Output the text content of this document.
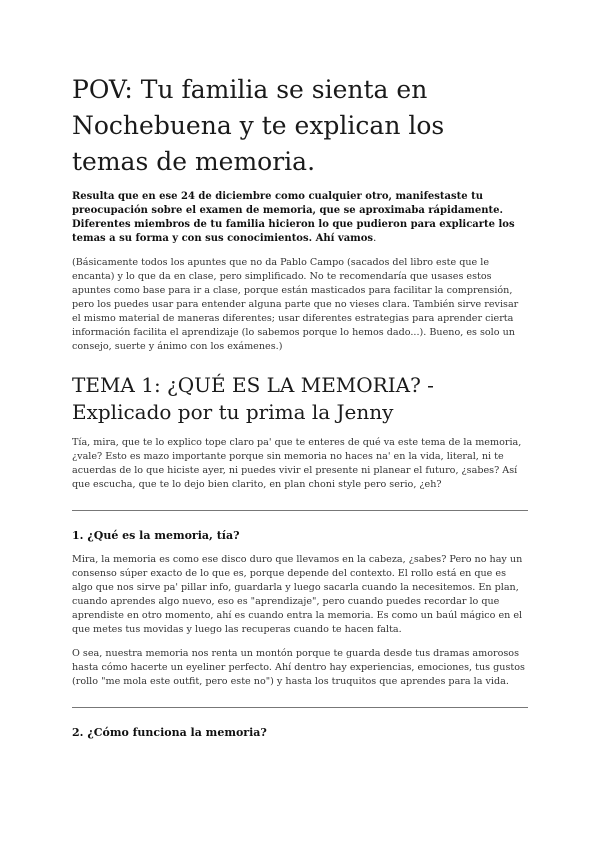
POV: Tu familia se sienta en Nochebuena y te explican los temas de memoria.

Resulta que en ese 24 de diciembre como cualquier otro, manifestaste tu preocupación sobre el examen de memoria, que se aproximaba rápidamente. Diferentes miembros de tu familia hicieron lo que pudieron para explicarte los temas a su forma y con sus conocimientos. Ahí vamos.

(Básicamente todos los apuntes que no da Pablo Campo (sacados del libro este que le encanta) y lo que da en clase, pero simplificado. No te recomendaría que usases estos apuntes como base para ir a clase, porque están masticados para facilitar la comprensión, pero los puedes usar para entender alguna parte que no vieses clara. También sirve revisar el mismo material de maneras diferentes; usar diferentes estrategias para aprender cierta información facilita el aprendizaje (lo sabemos porque lo hemos dado...). Bueno, es solo un consejo, suerte y ánimo con los exámenes.)

TEMA 1: ¿QUÉ ES LA MEMORIA? - Explicado por tu prima la Jenny

Tía, mira, que te lo explico tope claro pa' que te enteres de qué va este tema de la memoria, ¿vale? Esto es mazo importante porque sin memoria no haces na' en la vida, literal, ni te acuerdas de lo que hiciste ayer, ni puedes vivir el presente ni planear el futuro, ¿sabes? Así que escucha, que te lo dejo bien clarito, en plan choni style pero serio, ¿eh?

1. ¿Qué es la memoria, tía?

Mira, la memoria es como ese disco duro que llevamos en la cabeza, ¿sabes? Pero no hay un consenso súper exacto de lo que es, porque depende del contexto. El rollo está en que es algo que nos sirve pa' pillar info, guardarla y luego sacarla cuando la necesitemos. En plan, cuando aprendes algo nuevo, eso es "aprendizaje", pero cuando puedes recordar lo que aprendiste en otro momento, ahí es cuando entra la memoria. Es como un baúl mágico en el que metes tus movidas y luego las recuperas cuando te hacen falta.

O sea, nuestra memoria nos renta un montón porque te guarda desde tus dramas amorosos hasta cómo hacerte un eyeliner perfecto. Ahí dentro hay experiencias, emociones, tus gustos (rollo "me mola este outfit, pero este no") y hasta los truquitos que aprendes para la vida.

2. ¿Cómo funciona la memoria?
